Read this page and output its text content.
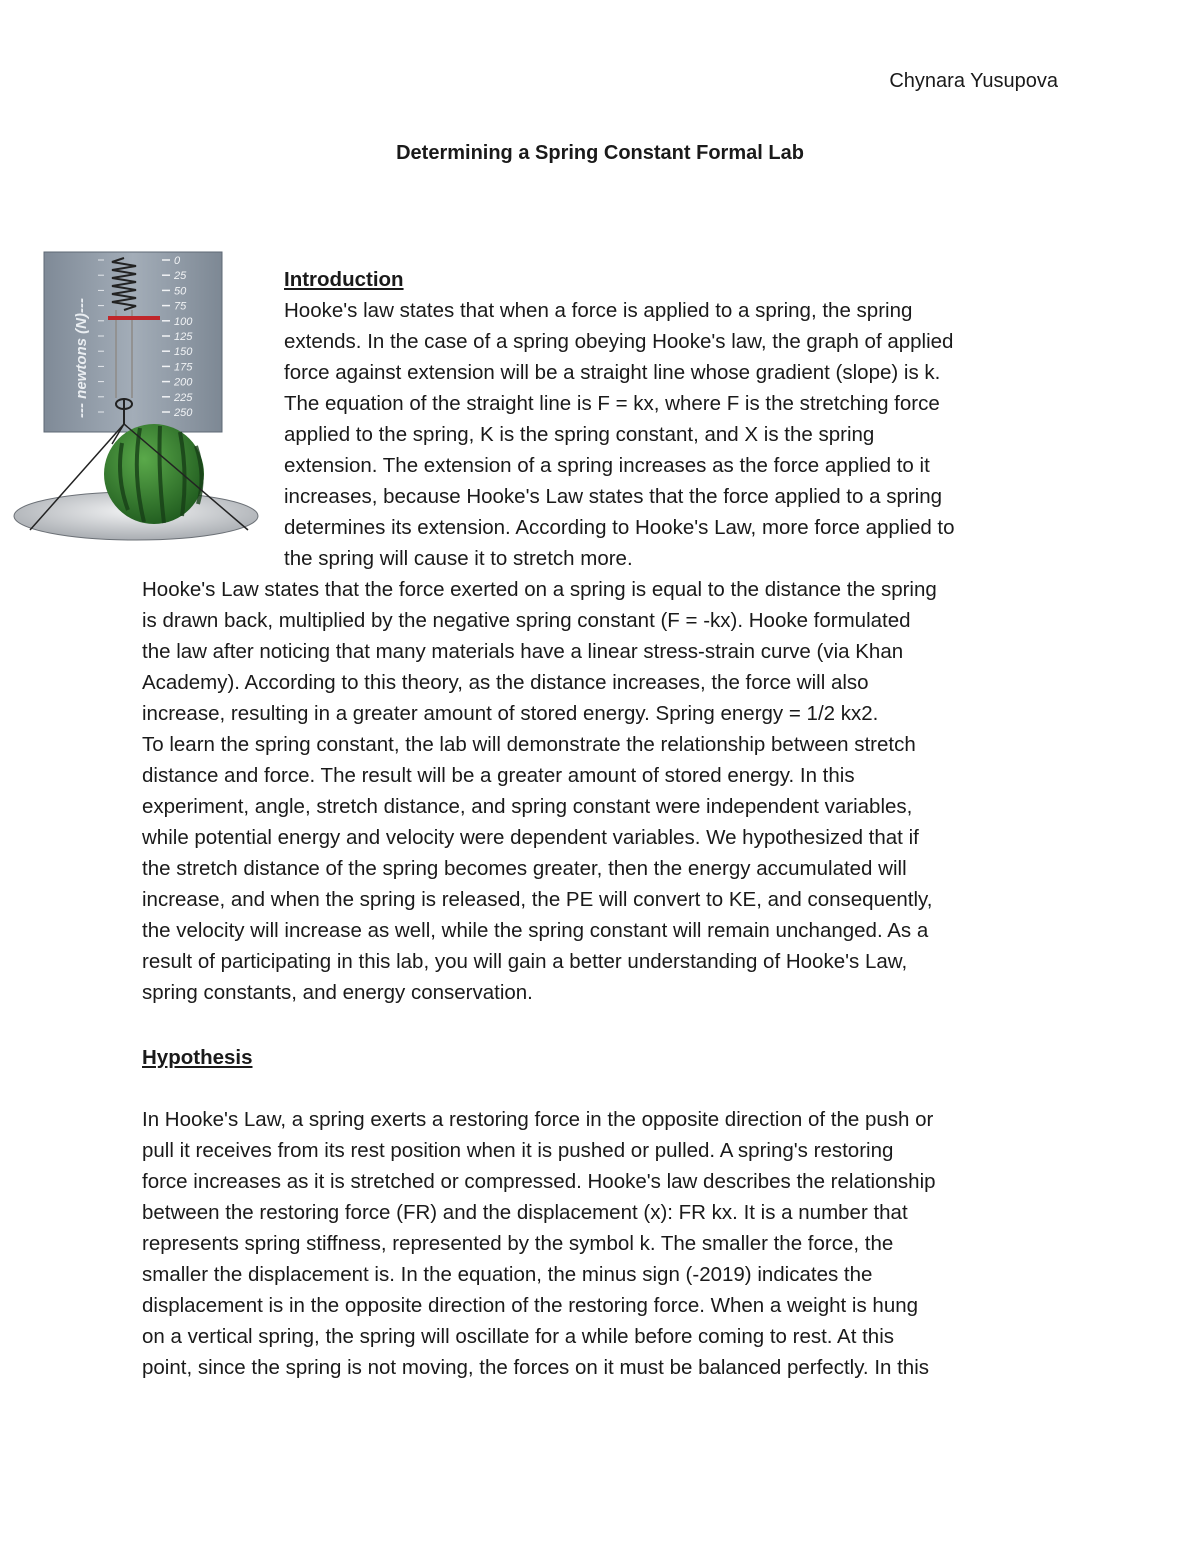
Chynara Yusupova
Determining a Spring Constant Formal Lab
--- newtons (N)---
0
25
50
75
100
125
150
175
200
225
250

Introduction

Hooke's law states that when a force is applied to a spring, the spring

extends. In the case of a spring obeying Hooke's law, the graph of applied

force against extension will be a straight line whose gradient (slope) is k.

The equation of the straight line is F = kx, where F is the stretching force

applied to the spring, K is the spring constant, and X is the spring

extension. The extension of a spring increases as the force applied to it

increases, because Hooke's Law states that the force applied to a spring

determines its extension. According to Hooke's Law, more force applied to

the spring will cause it to stretch more.

Hooke's Law states that the force exerted on a spring is equal to the distance the spring

is drawn back, multiplied by the negative spring constant (F = -kx). Hooke formulated

the law after noticing that many materials have a linear stress-strain curve (via Khan

Academy). According to this theory, as the distance increases, the force will also

increase, resulting in a greater amount of stored energy. Spring energy = 1/2 kx2.

To learn the spring constant, the lab will demonstrate the relationship between stretch

distance and force. The result will be a greater amount of stored energy. In this

experiment, angle, stretch distance, and spring constant were independent variables,

while potential energy and velocity were dependent variables. We hypothesized that if

the stretch distance of the spring becomes greater, then the energy accumulated will

increase, and when the spring is released, the PE will convert to KE, and consequently,

the velocity will increase as well, while the spring constant will remain unchanged. As a

result of participating in this lab, you will gain a better understanding of Hooke's Law,

spring constants, and energy conservation.

Hypothesis

In Hooke's Law, a spring exerts a restoring force in the opposite direction of the push or

pull it receives from its rest position when it is pushed or pulled. A spring's restoring

force increases as it is stretched or compressed. Hooke's law describes the relationship

between the restoring force (FR) and the displacement (x): FR kx. It is a number that

represents spring stiffness, represented by the symbol k. The smaller the force, the

smaller the displacement is. In the equation, the minus sign (-2019) indicates the

displacement is in the opposite direction of the restoring force. When a weight is hung

on a vertical spring, the spring will oscillate for a while before coming to rest. At this

point, since the spring is not moving, the forces on it must be balanced perfectly. In this
